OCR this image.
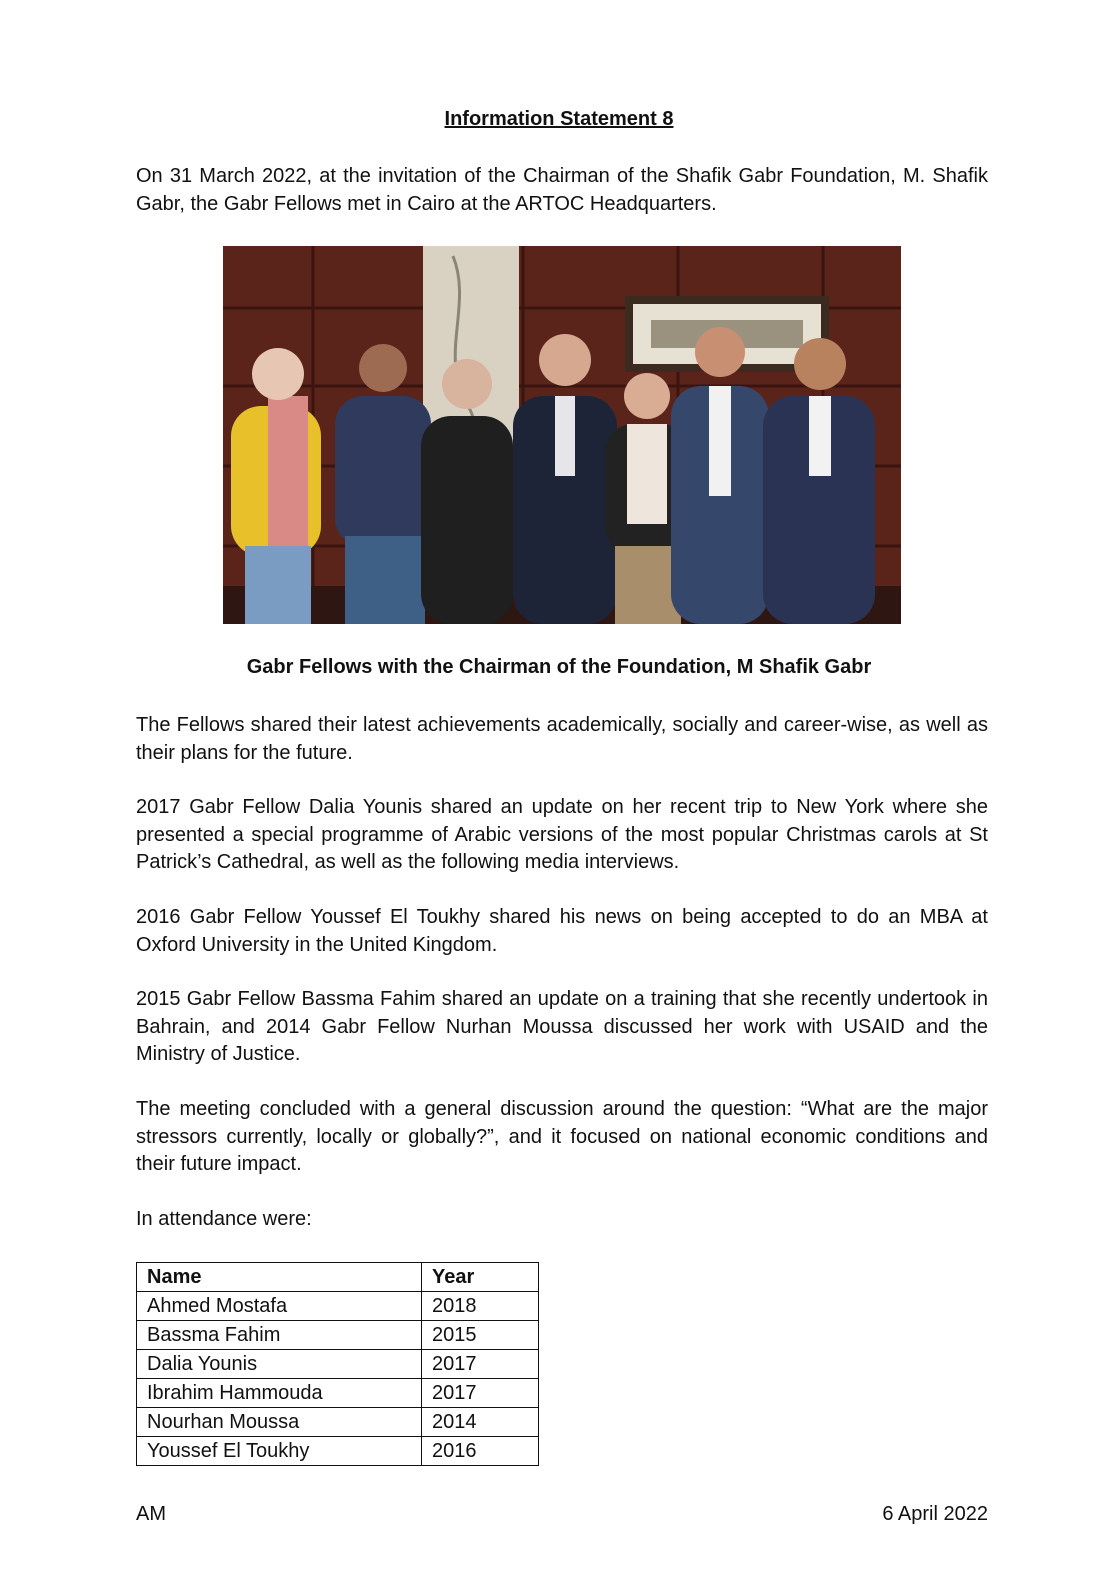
Information Statement 8

On 31 March 2022, at the invitation of the Chairman of the Shafik Gabr Foundation, M. Shafik Gabr, the Gabr Fellows met in Cairo at the ARTOC Headquarters.

Gabr Fellows with the Chairman of the Foundation, M Shafik Gabr

The Fellows shared their latest achievements academically, socially and career-wise, as well as their plans for the future.

2017 Gabr Fellow Dalia Younis shared an update on her recent trip to New York where she presented a special programme of Arabic versions of the most popular Christmas carols at St Patrick’s Cathedral, as well as the following media interviews.

2016 Gabr Fellow Youssef El Toukhy shared his news on being accepted to do an MBA at Oxford University in the United Kingdom.

2015 Gabr Fellow Bassma Fahim shared an update on a training that she recently undertook in Bahrain, and 2014 Gabr Fellow Nurhan Moussa discussed her work with USAID and the Ministry of Justice.

The meeting concluded with a general discussion around the question: “What are the major stressors currently, locally or globally?”, and it focused on national economic conditions and their future impact.

In attendance were:

Name	Year
Ahmed Mostafa	2018
Bassma Fahim	2015
Dalia Younis	2017
Ibrahim Hammouda	2017
Nourhan Moussa	2014
Youssef El Toukhy	2016
AM	6 April 2022
